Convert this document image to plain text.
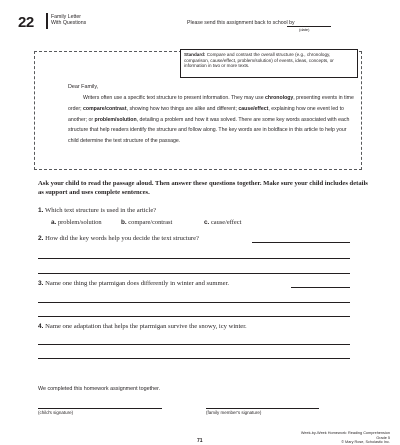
22	Family Letter
With Questions	Please send this assignment back to school by
(date)
Standard: Compare and contrast the overall structure (e.g., chronology, comparison, cause/effect, problem/solution) of events, ideas, concepts, or information in two or more texts.
Dear Family,
Writers often use a specific text structure to present information. They may use chronology, presenting events in time order; compare/contrast, showing how two things are alike and different; cause/effect, explaining how one event led to another; or problem/solution, detailing a problem and how it was solved. There are some key words associated with each structure that help readers identify the structure and follow along. The key words are in boldface in this article to help your child determine the text structure of the passage.
Ask your child to read the passage aloud. Then answer these questions together. Make sure your child includes details as support and uses complete sentences.
1. Which text structure is used in the article?
a. problem/solution	b. compare/contrast	c. cause/effect
2. How did the key words help you decide the text structure?
3. Name one thing the ptarmigan does differently in winter and summer.
4. Name one adaptation that helps the ptarmigan survive the snowy, icy winter.
We completed this homework assignment together.
(child's signature)	(family member's signature)
71
Week-by-Week Homework: Reading Comprehension Grade 5
© Mary Rose, Scholastic Inc.
